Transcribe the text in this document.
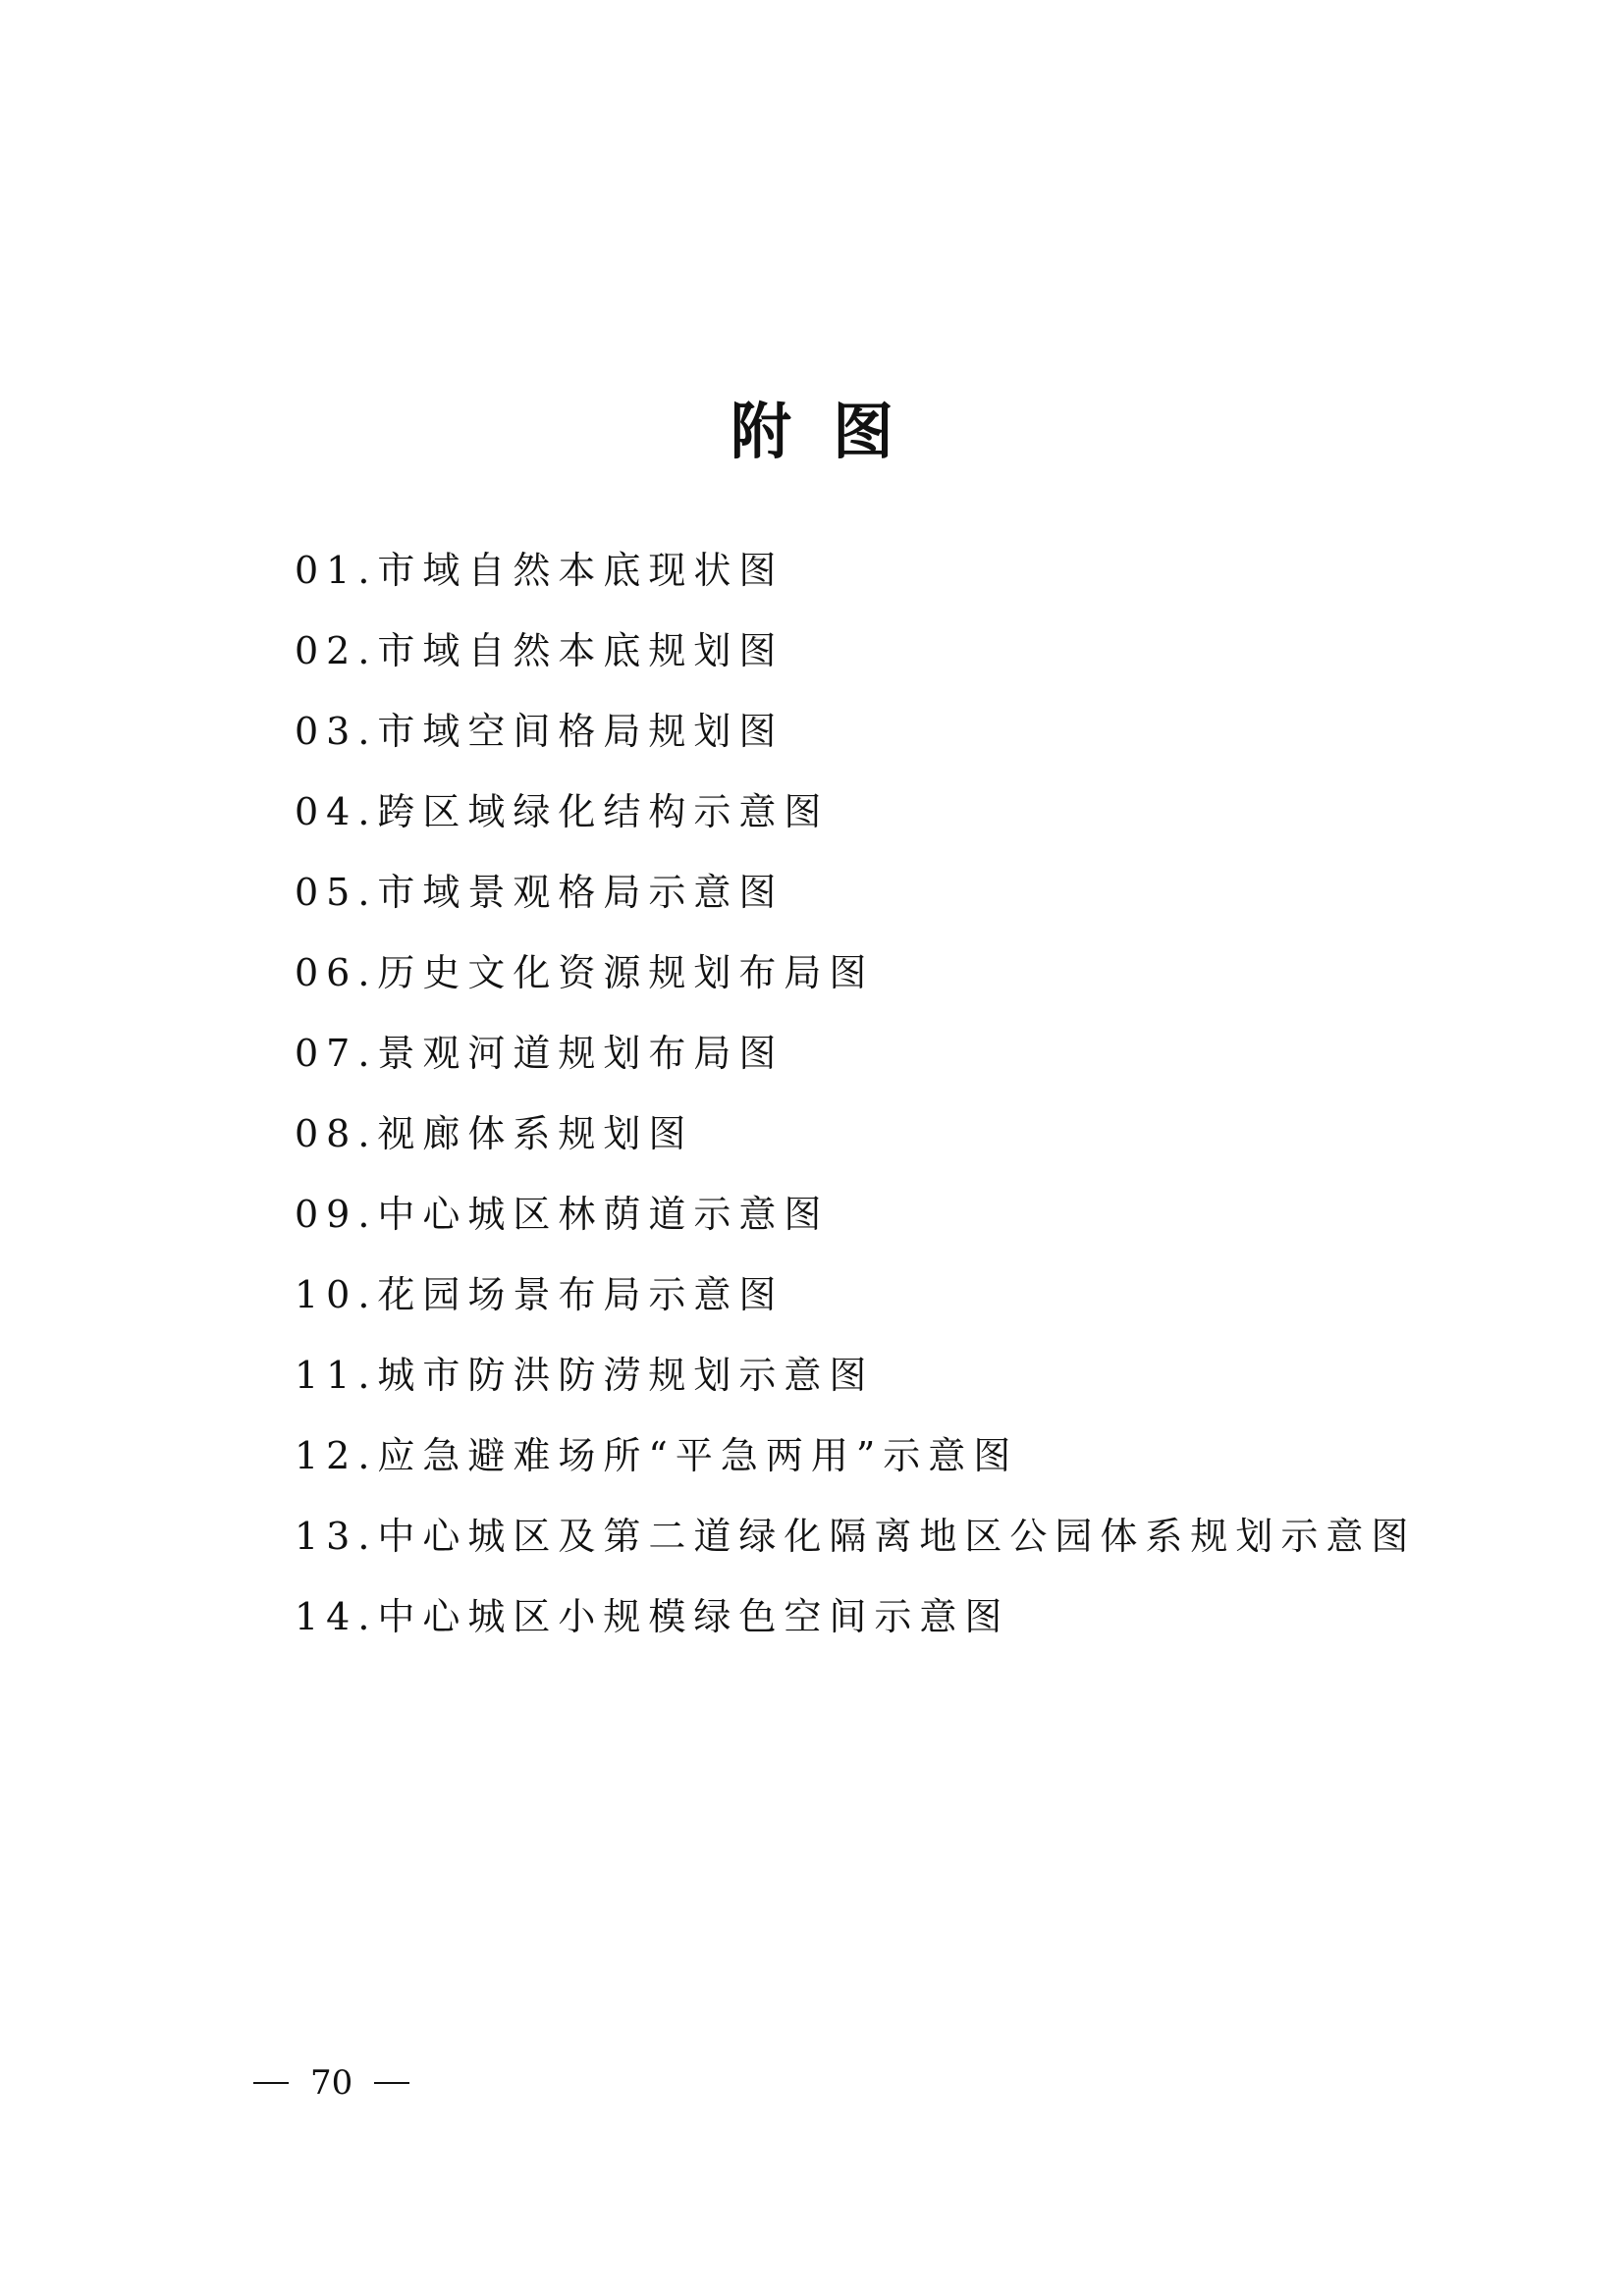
附图
01.市域自然本底现状图
02.市域自然本底规划图
03.市域空间格局规划图
04.跨区域绿化结构示意图
05.市域景观格局示意图
06.历史文化资源规划布局图
07.景观河道规划布局图
08.视廊体系规划图
09.中心城区林荫道示意图
10.花园场景布局示意图
11.城市防洪防涝规划示意图
12.应急避难场所“平急两用”示意图
13.中心城区及第二道绿化隔离地区公园体系规划示意图
14.中心城区小规模绿色空间示意图
70
